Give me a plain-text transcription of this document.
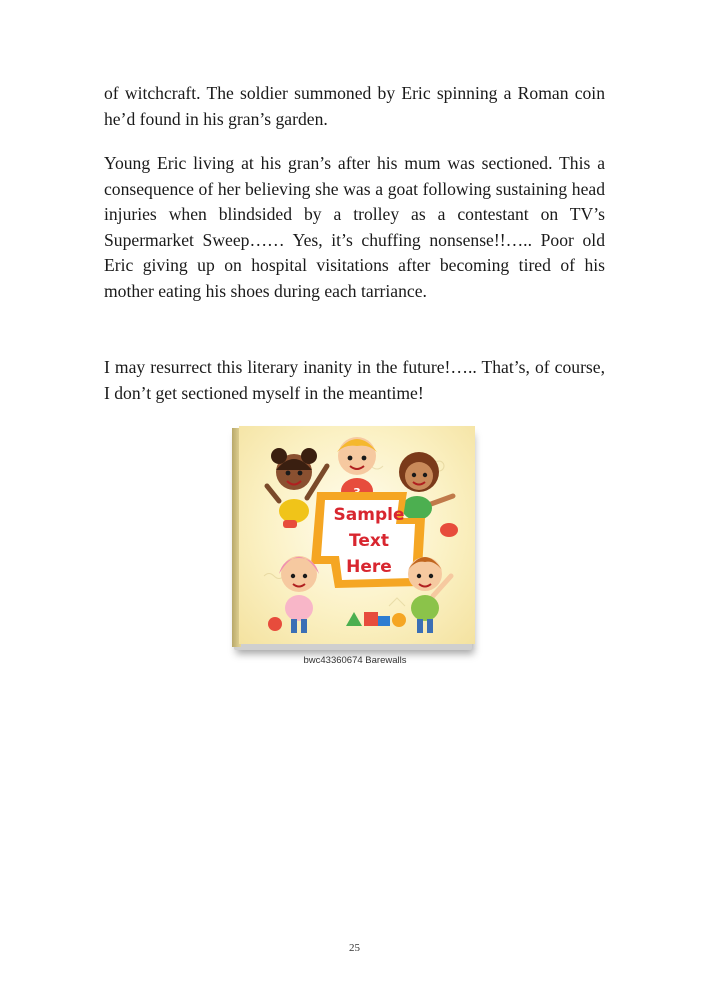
of witchcraft. The soldier summoned by Eric spinning a Roman coin he’d found in his gran’s garden.

Young Eric living at his gran’s after his mum was sectioned. This a consequence of her believing she was a goat following sustaining head injuries when blindsided by a trolley as a contestant on TV’s Supermarket Sweep…… Yes, it’s chuffing nonsense!!….. Poor old Eric giving up on hospital visitations after becoming tired of his mother eating his shoes during each tarriance.

I may resurrect this literary inanity in the future!….. That’s, of course, I don’t get sectioned myself in the meantime!

Sample
Text
Here
bwc43360674 Barewalls
25
